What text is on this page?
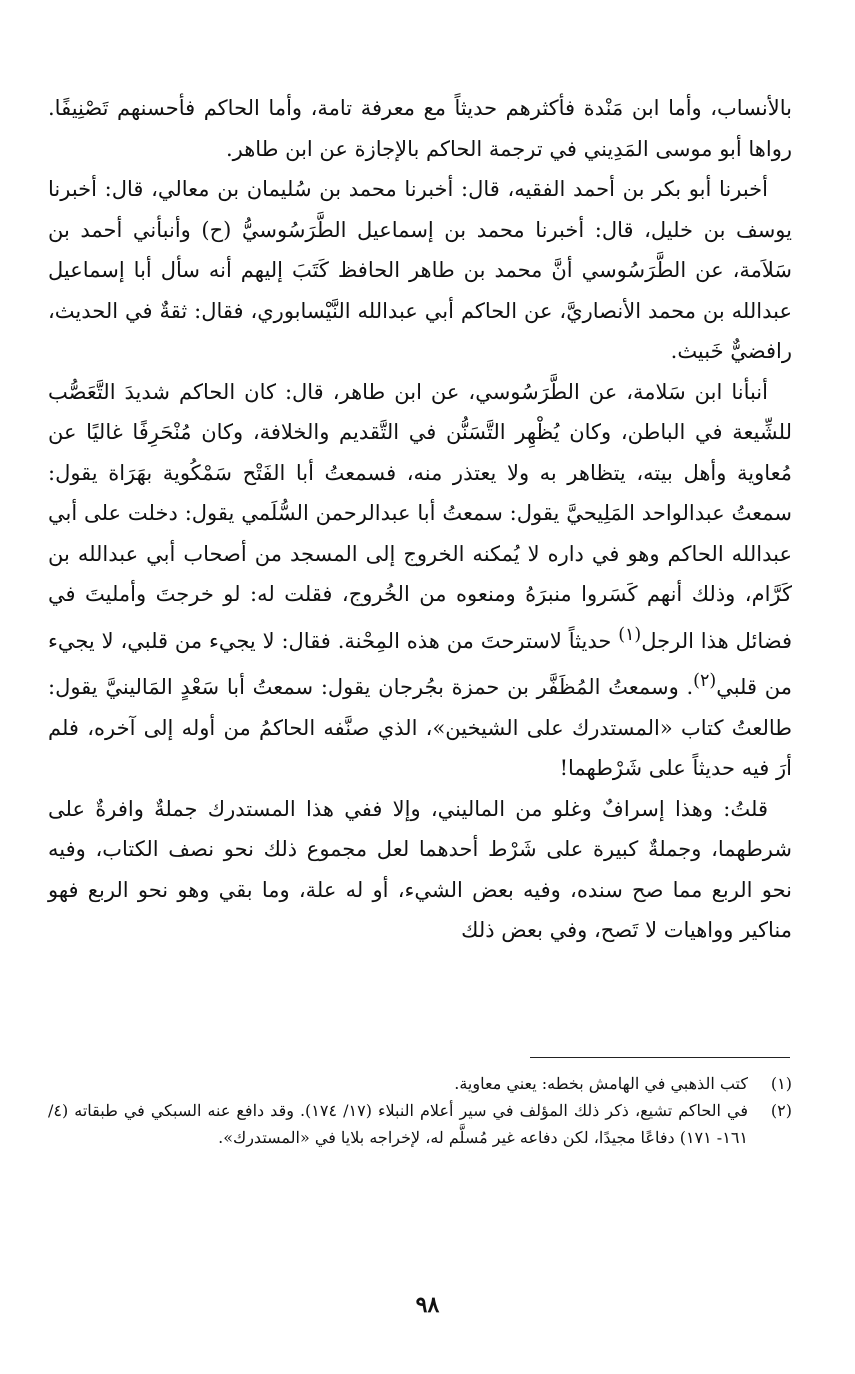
بالأنساب، وأما ابن مَنْدة فأكثرهم حديثاً مع معرفة تامة، وأما الحاكم فأحسنهم تَصْنِيفًا. رواها أبو موسى المَدِيني في ترجمة الحاكم بالإجازة عن ابن طاهر.

أخبرنا أبو بكر بن أحمد الفقيه، قال: أخبرنا محمد بن سُليمان بن معالي، قال: أخبرنا يوسف بن خليل، قال: أخبرنا محمد بن إسماعيل الطَّرَسُوسيُّ (ح) وأنبأني أحمد بن سَلاَمة، عن الطَّرَسُوسي أنَّ محمد بن طاهر الحافظ كَتَبَ إليهم أنه سأل أبا إسماعيل عبدالله بن محمد الأنصاريَّ، عن الحاكم أبي عبدالله النَّيْسابوري، فقال: ثقةٌ في الحديث، رافضيٌّ خَبيث.

أنبأنا ابن سَلامة، عن الطَّرَسُوسي، عن ابن طاهر، قال: كان الحاكم شديدَ التَّعَصُّب للشِّيعة في الباطن، وكان يُظْهِر التَّسَنُّن في التَّقديم والخلافة، وكان مُنْحَرِفًا غاليًا عن مُعاوية وأهل بيته، يتظاهر به ولا يعتذر منه، فسمعتُ أبا الفَتْح سَمْكُوية بهَرَاة يقول: سمعتُ عبدالواحد المَلِيحيَّ يقول: سمعتُ أبا عبدالرحمن السُّلَمي يقول: دخلت على أبي عبدالله الحاكم وهو في داره لا يُمكنه الخروج إلى المسجد من أصحاب أبي عبدالله بن كَرَّام، وذلك أنهم كَسَروا منبرَهُ ومنعوه من الخُروج، فقلت له: لو خرجتَ وأمليتَ في فضائل هذا الرجل$^{(١)}$ حديثاً لاسترحتَ من هذه المِحْنة. فقال: لا يجيء من قلبي، لا يجيء من قلبي$^{(٢)}$. وسمعتُ المُظَفَّر بن حمزة بجُرجان يقول: سمعتُ أبا سَعْدٍ المَالينيَّ يقول: طالعتُ كتاب «المستدرك على الشيخين»، الذي صنَّفه الحاكمُ من أوله إلى آخره، فلم أرَ فيه حديثاً على شَرْطهما!

قلتُ: وهذا إسرافٌ وغلو من الماليني، وإلا ففي هذا المستدرك جملةٌ وافرةٌ على شرطهما، وجملةٌ كبيرة على شَرْط أحدهما لعل مجموع ذلك نحو نصف الكتاب، وفيه نحو الربع مما صح سنده، وفيه بعض الشيء، أو له علة، وما بقي وهو نحو الربع فهو مناكير وواهيات لا تَصح، وفي بعض ذلك

(١)
كتب الذهبي في الهامش بخطه: يعني معاوية.
(٢)
في الحاكم تشيع، ذكر ذلك المؤلف في سير أعلام النبلاء (١٧/ ١٧٤). وقد دافع عنه السبكي في طبقاته (٤/ ١٦١- ١٧١) دفاعًا مجيدًا، لكن دفاعه غير مُسلَّم له، لإخراجه بلايا في «المستدرك».
٩٨
